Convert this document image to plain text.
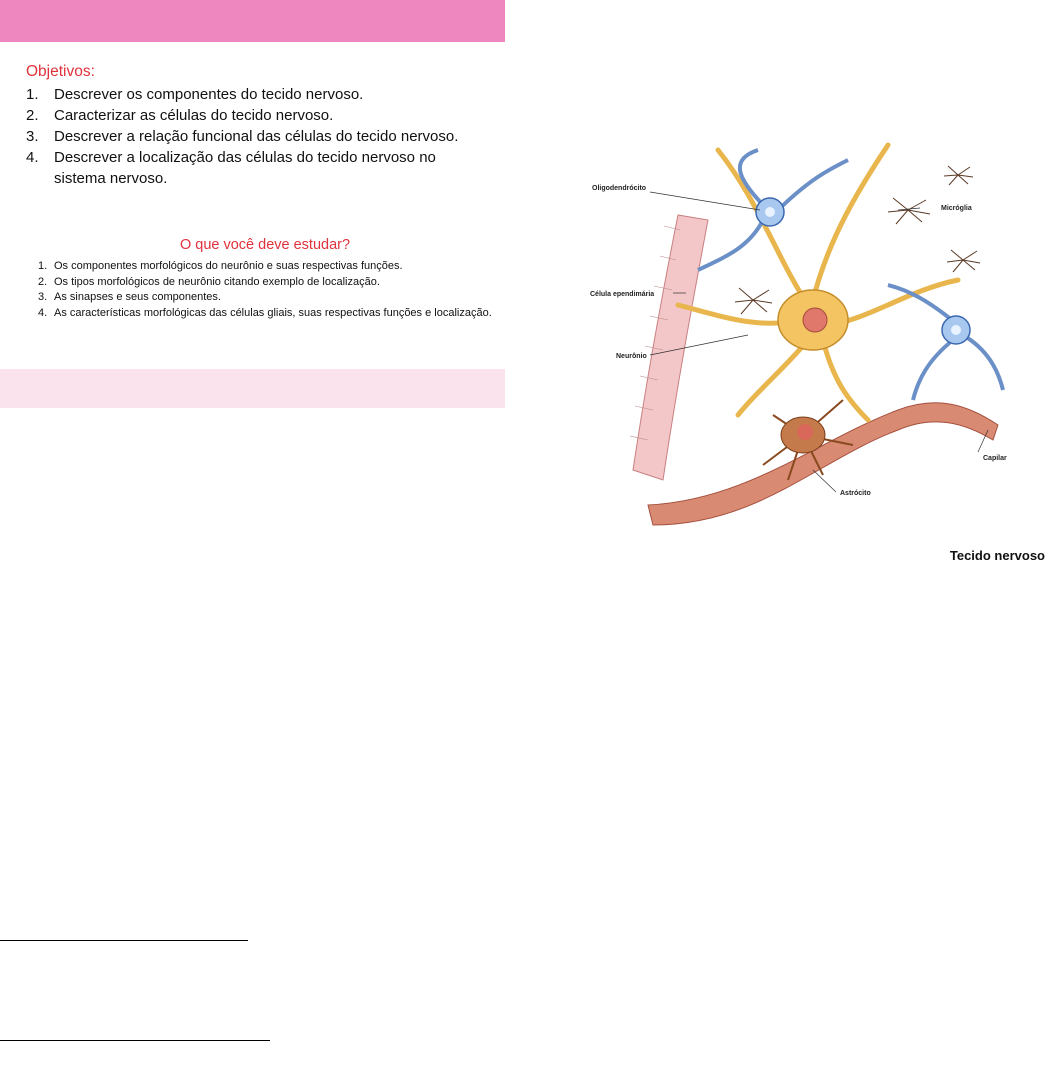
Objetivos:
1.	Descrever os componentes do tecido nervoso.
2.	Caracterizar as células do tecido nervoso.
3.	Descrever a relação funcional das células do tecido nervoso.
4.	Descrever a localização das células do tecido nervoso no sistema nervoso.
O que você deve estudar?
1. Os componentes morfológicos do neurônio e suas respectivas funções.
2. Os tipos morfológicos de neurônio citando exemplo de localização.
3. As sinapses e seus componentes.
4. As características morfológicas das células gliais, suas respectivas funções e localização.
Oligodendrócito
Micróglia
Célula ependimária
Neurônio
Capilar
Astrócito
Tecido nervoso
